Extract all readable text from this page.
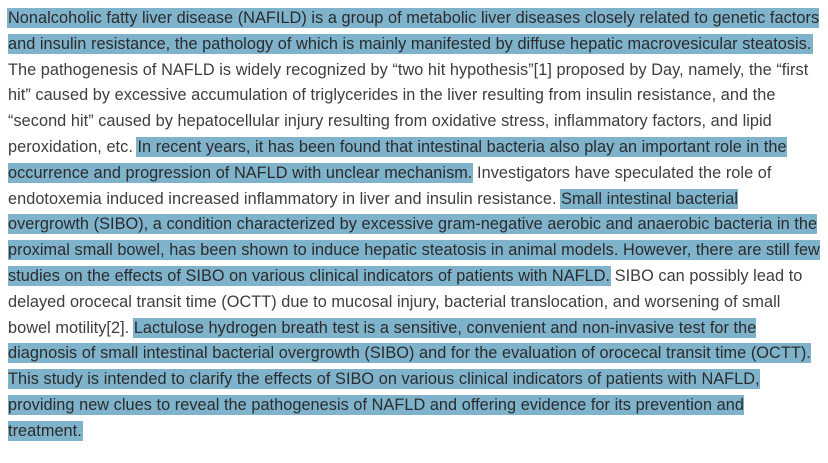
Nonalcoholic fatty liver disease (NAFILD) is a group of metabolic liver diseases closely related to genetic factors and insulin resistance, the pathology of which is mainly manifested by diffuse hepatic macrovesicular steatosis. The pathogenesis of NAFLD is widely recognized by “two hit hypothesis”[1] proposed by Day, namely, the “first hit” caused by excessive accumulation of triglycerides in the liver resulting from insulin resistance, and the “second hit” caused by hepatocellular injury resulting from oxidative stress, inflammatory factors, and lipid peroxidation, etc. In recent years, it has been found that intestinal bacteria also play an important role in the occurrence and progression of NAFLD with unclear mechanism. Investigators have speculated the role of endotoxemia induced increased inflammatory in liver and insulin resistance. Small intestinal bacterial overgrowth (SIBO), a condition characterized by excessive gram-negative aerobic and anaerobic bacteria in the proximal small bowel, has been shown to induce hepatic steatosis in animal models. However, there are still few studies on the effects of SIBO on various clinical indicators of patients with NAFLD. SIBO can possibly lead to delayed orocecal transit time (OCTT) due to mucosal injury, bacterial translocation, and worsening of small bowel motility[2]. Lactulose hydrogen breath test is a sensitive, convenient and non-invasive test for the diagnosis of small intestinal bacterial overgrowth (SIBO) and for the evaluation of orocecal transit time (OCTT). This study is intended to clarify the effects of SIBO on various clinical indicators of patients with NAFLD, providing new clues to reveal the pathogenesis of NAFLD and offering evidence for its prevention and treatment.
